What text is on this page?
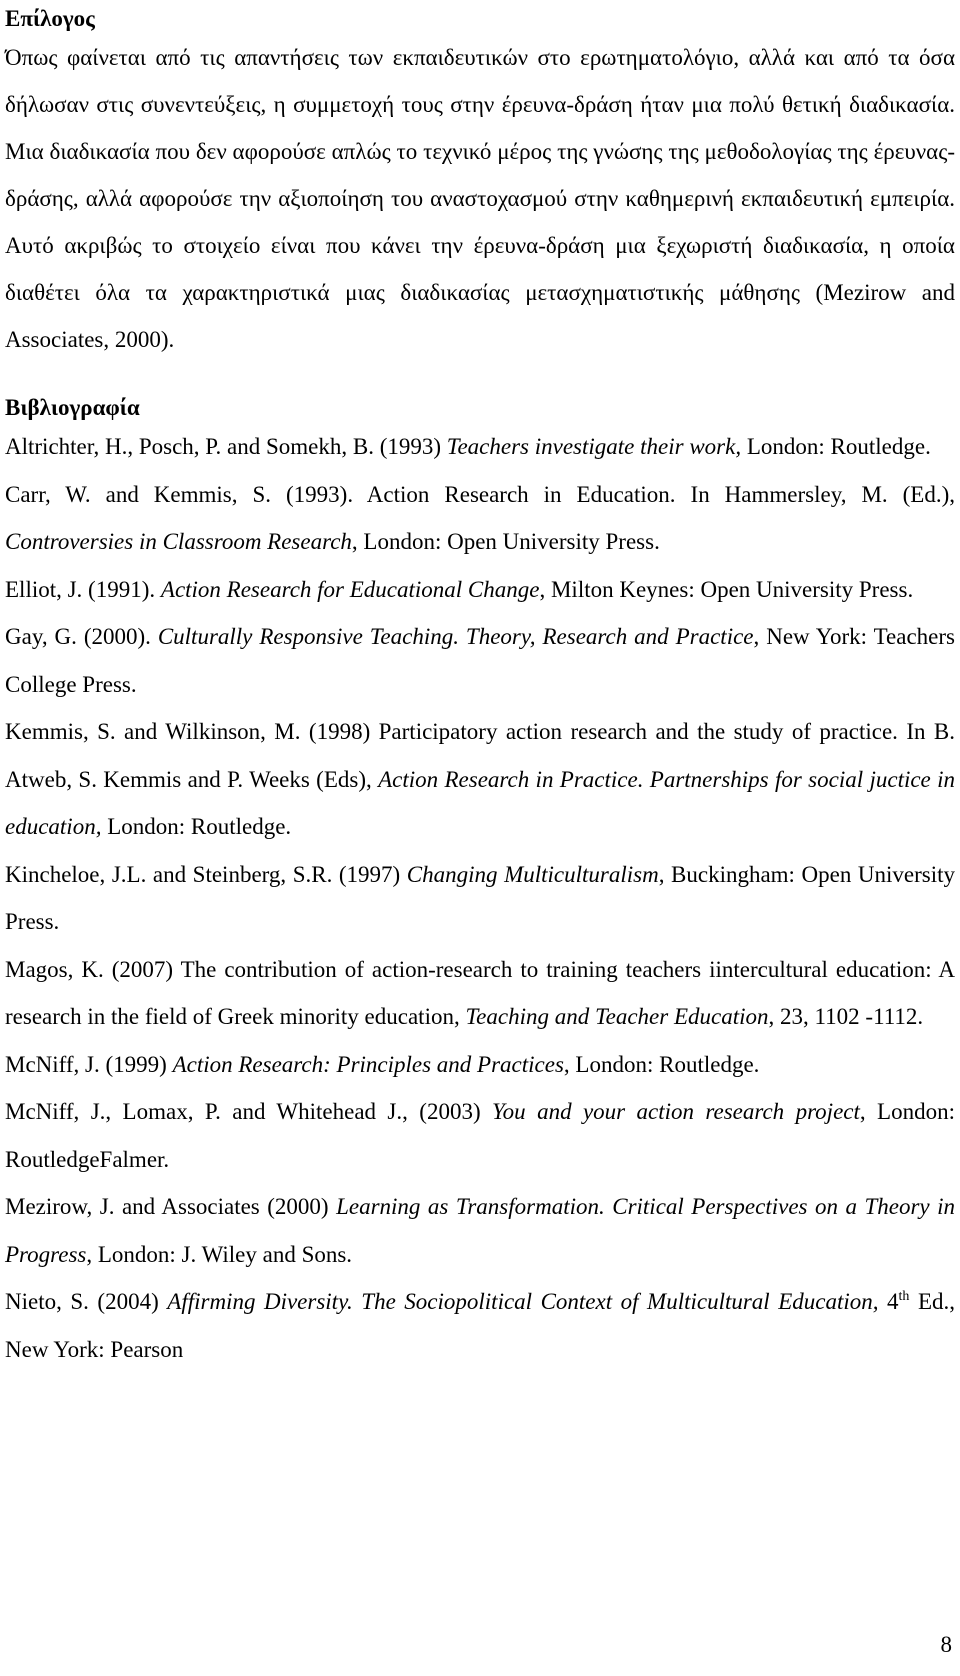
Επίλογος

Όπως φαίνεται από τις απαντήσεις των εκπαιδευτικών στο ερωτηματολόγιο, αλλά και από τα όσα δήλωσαν στις συνεντεύξεις, η συμμετοχή τους στην έρευνα-δράση ήταν μια πολύ θετική διαδικασία. Μια διαδικασία που δεν αφορούσε απλώς το τεχνικό μέρος της γνώσης της μεθοδολογίας της έρευνας-δράσης, αλλά αφορούσε την αξιοποίηση του αναστοχασμού στην καθημερινή εκπαιδευτική εμπειρία. Αυτό ακριβώς το στοιχείο είναι που κάνει την έρευνα-δράση μια ξεχωριστή διαδικασία, η οποία διαθέτει όλα τα χαρακτηριστικά μιας διαδικασίας μετασχηματιστικής μάθησης (Mezirow and Associates, 2000).

Βιβλιογραφία

Altrichter, H., Posch, P. and Somekh, B. (1993) Teachers investigate their work, London: Routledge.

Carr, W. and Kemmis, S. (1993). Action Research in Education. In Hammersley, M. (Ed.), Controversies in Classroom Research, London: Open University Press.

Elliot, J. (1991). Action Research for Educational Change, Milton Keynes: Open University Press.

Gay, G. (2000). Culturally Responsive Teaching. Theory, Research and Practice, New York: Teachers College Press.

Kemmis, S. and Wilkinson, M. (1998) Participatory action research and the study of practice. In B. Atweb, S. Kemmis and P. Weeks (Eds), Action Research in Practice. Partnerships for social juctice in education, London: Routledge.

Kincheloe, J.L. and Steinberg, S.R. (1997) Changing Multiculturalism, Buckingham: Open University Press.

Magos, K. (2007) The contribution of action-research to training teachers iintercultural education: A research in the field of Greek minority education, Teaching and Teacher Education, 23, 1102 -1112.

McNiff, J. (1999) Action Research: Principles and Practices, London: Routledge.

McNiff, J., Lomax, P. and Whitehead J., (2003) You and your action research project, London: RoutledgeFalmer.

Mezirow, J. and Associates (2000) Learning as Transformation. Critical Perspectives on a Theory in Progress, London: J. Wiley and Sons.

Nieto, S. (2004) Affirming Diversity. The Sociopolitical Context of Multicultural Education, 4th Ed., New York: Pearson

8
